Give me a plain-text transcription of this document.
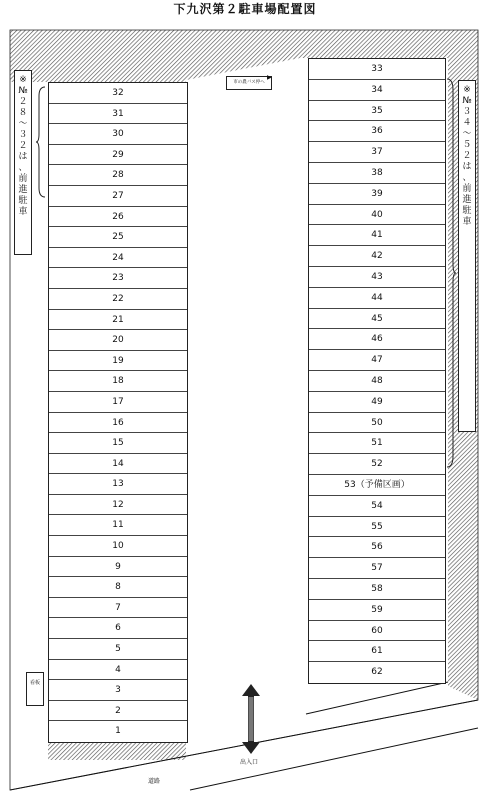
下九沢第２駐車場配置図
32
31
30
29
28
27
26
25
24
23
22
21
20
19
18
17
16
15
14
13
12
11
10
9
8
7
6
5
4
3
2
1
33
34
35
36
37
38
39
40
41
42
43
44
45
46
47
48
49
50
51
52
53（予備区画）
54
55
56
57
58
59
60
61
62
※
№
２
８
～
３
２
は
、
前
進
駐
車
※
№
３
４
～
５
２
は
、
前
進
駐
車
市の農バス停へ
▶
看板
出入口
道路
